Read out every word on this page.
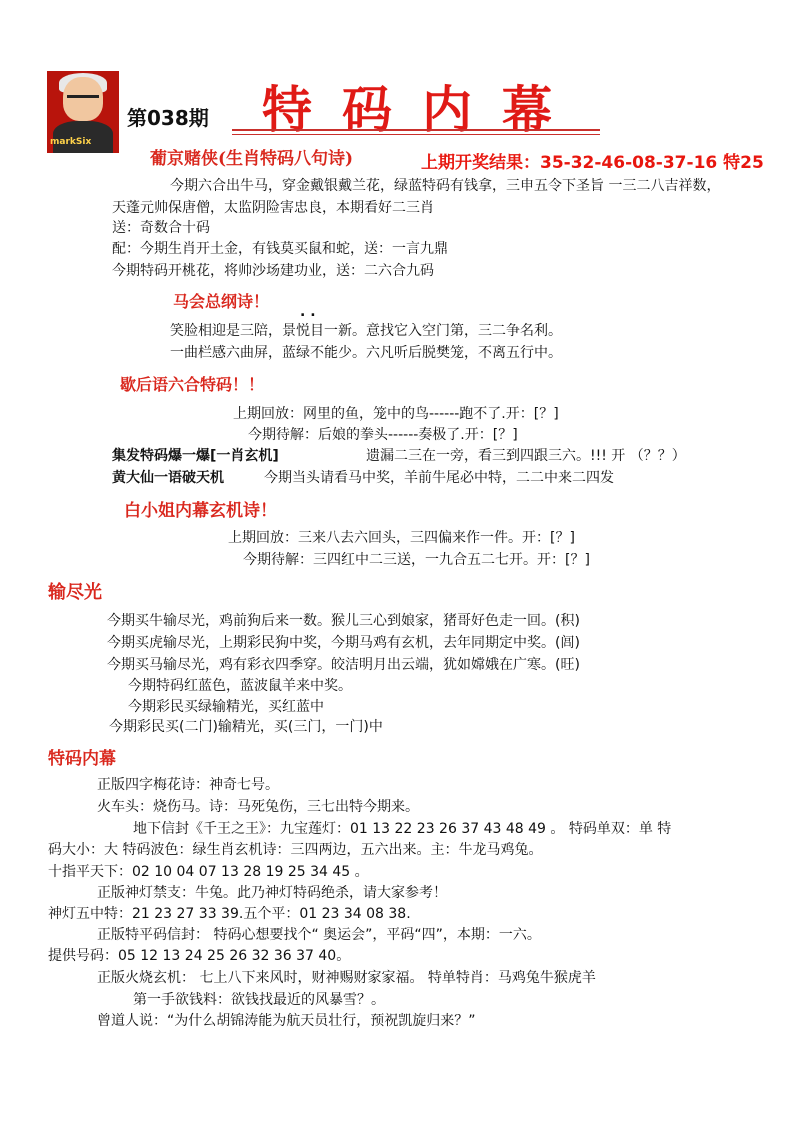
markSix
第038期 特码内幕
葡京赌侠(生肖特码八句诗)	上期开奖结果：35-32-46-08-37-16 特25
今期六合出牛马，穿金戴银戴兰花，绿蓝特码有钱拿，三申五令下圣旨 一三二八吉祥数，
天蓬元帅保唐僧，太监阴险害忠良，本期看好二三肖
送：奇数合十码
配：今期生肖开土金，有钱莫买鼠和蛇，送：一言九鼎
今期特码开桃花，将帅沙场建功业，送：二六合九码
马会总纲诗！
. .
笑脸相迎是三陪，景悦目一新。意找它入空门第，三二争名利。
一曲栏感六曲屏，蓝绿不能少。六凡听后脱樊笼，不离五行中。
歇后语六合特码！！
上期回放：网里的鱼，笼中的鸟------跑不了.开：[？]
今期待解：后娘的拳头------奏极了.开：[？]
集发特码爆一爆[一肖玄机]	遗漏二三在一旁，看三到四跟三六。!!! 开 （？？）
黄大仙一语破天机	今期当头请看马中奖，羊前牛尾必中特，二二中来二四发
白小姐内幕玄机诗！
上期回放：三来八去六回头，三四偏来作一件。开：[？]
今期待解：三四红中二三送，一九合五二七开。开：[？]
输尽光
今期买牛输尽光，鸡前狗后来一数。猴儿三心到娘家，猪哥好色走一回。(积)
今期买虎输尽光，上期彩民狗中奖，今期马鸡有玄机，去年同期定中奖。(闾)
今期买马输尽光，鸡有彩衣四季穿。皎洁明月出云端，犹如嫦娥在广寒。(旺)
今期特码红蓝色，蓝波鼠羊来中奖。
今期彩民买绿输精光，买红蓝中
今期彩民买(二门)输精光，买(三门，一门)中
特码内幕
正版四字梅花诗：神奇七号。
火车头：烧伤马。诗：马死兔伤，三七出特今期来。
地下信封《千王之王》：九宝莲灯：01 13 22 23 26 37 43 48 49 。 特码单双：单 特
码大小：大 特码波色：绿生肖玄机诗：三四两边，五六出来。主：牛龙马鸡兔。
十指平天下：02 10 04 07 13 28 19 25 34 45 。
正版神灯禁支：牛兔。此乃神灯特码绝杀，请大家参考！
神灯五中特：21 23 27 33 39.五个平：01 23 34 08 38.
正版特平码信封： 特码心想要找个“ 奥运会”，平码“四”，本期：一六。
提供号码：05 12 13 24 25 26 32 36 37 40。
正版火烧玄机： 七上八下来风时，财神赐财家家福。 特单特肖：马鸡兔牛猴虎羊
第一手欲钱料：欲钱找最近的风暴雪？。
曾道人说：“为什么胡锦涛能为航天员壮行，预祝凯旋归来？”
